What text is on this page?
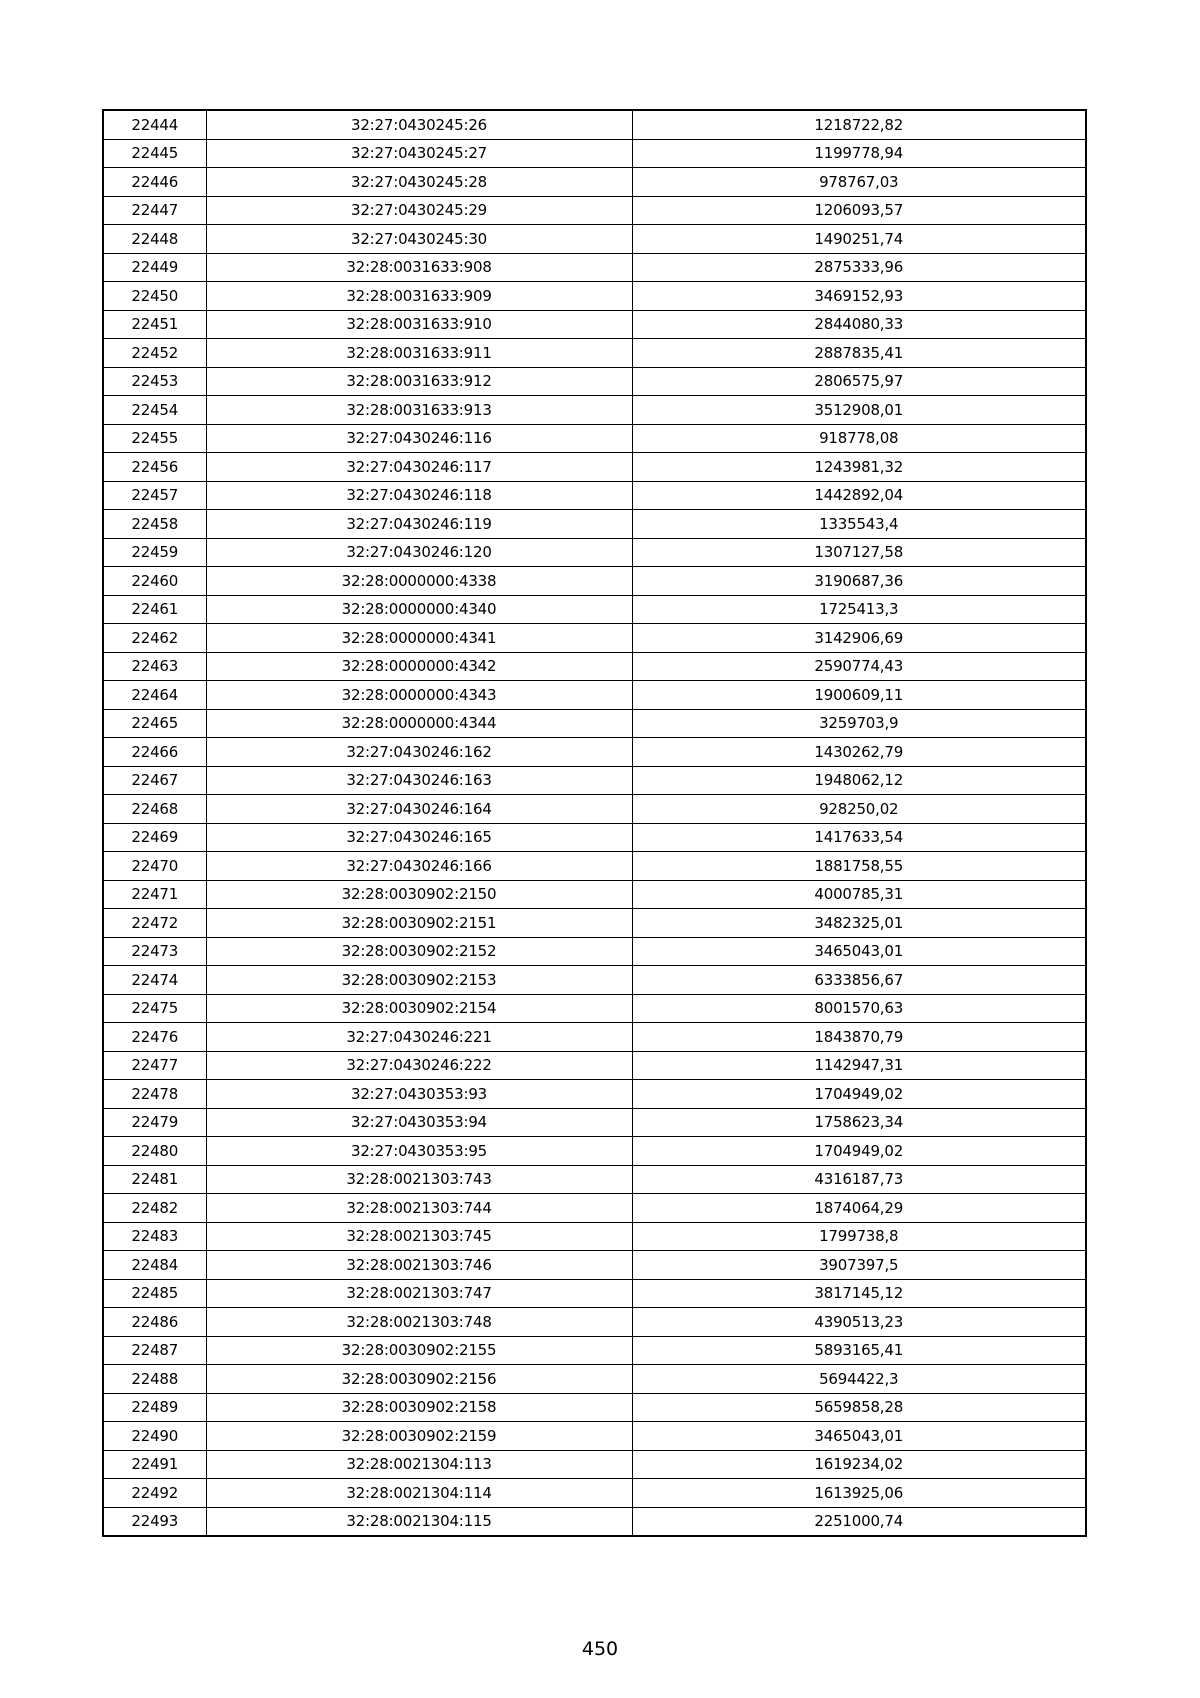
22444	32:27:0430245:26	1218722,82
22445	32:27:0430245:27	1199778,94
22446	32:27:0430245:28	978767,03
22447	32:27:0430245:29	1206093,57
22448	32:27:0430245:30	1490251,74
22449	32:28:0031633:908	2875333,96
22450	32:28:0031633:909	3469152,93
22451	32:28:0031633:910	2844080,33
22452	32:28:0031633:911	2887835,41
22453	32:28:0031633:912	2806575,97
22454	32:28:0031633:913	3512908,01
22455	32:27:0430246:116	918778,08
22456	32:27:0430246:117	1243981,32
22457	32:27:0430246:118	1442892,04
22458	32:27:0430246:119	1335543,4
22459	32:27:0430246:120	1307127,58
22460	32:28:0000000:4338	3190687,36
22461	32:28:0000000:4340	1725413,3
22462	32:28:0000000:4341	3142906,69
22463	32:28:0000000:4342	2590774,43
22464	32:28:0000000:4343	1900609,11
22465	32:28:0000000:4344	3259703,9
22466	32:27:0430246:162	1430262,79
22467	32:27:0430246:163	1948062,12
22468	32:27:0430246:164	928250,02
22469	32:27:0430246:165	1417633,54
22470	32:27:0430246:166	1881758,55
22471	32:28:0030902:2150	4000785,31
22472	32:28:0030902:2151	3482325,01
22473	32:28:0030902:2152	3465043,01
22474	32:28:0030902:2153	6333856,67
22475	32:28:0030902:2154	8001570,63
22476	32:27:0430246:221	1843870,79
22477	32:27:0430246:222	1142947,31
22478	32:27:0430353:93	1704949,02
22479	32:27:0430353:94	1758623,34
22480	32:27:0430353:95	1704949,02
22481	32:28:0021303:743	4316187,73
22482	32:28:0021303:744	1874064,29
22483	32:28:0021303:745	1799738,8
22484	32:28:0021303:746	3907397,5
22485	32:28:0021303:747	3817145,12
22486	32:28:0021303:748	4390513,23
22487	32:28:0030902:2155	5893165,41
22488	32:28:0030902:2156	5694422,3
22489	32:28:0030902:2158	5659858,28
22490	32:28:0030902:2159	3465043,01
22491	32:28:0021304:113	1619234,02
22492	32:28:0021304:114	1613925,06
22493	32:28:0021304:115	2251000,74
450
